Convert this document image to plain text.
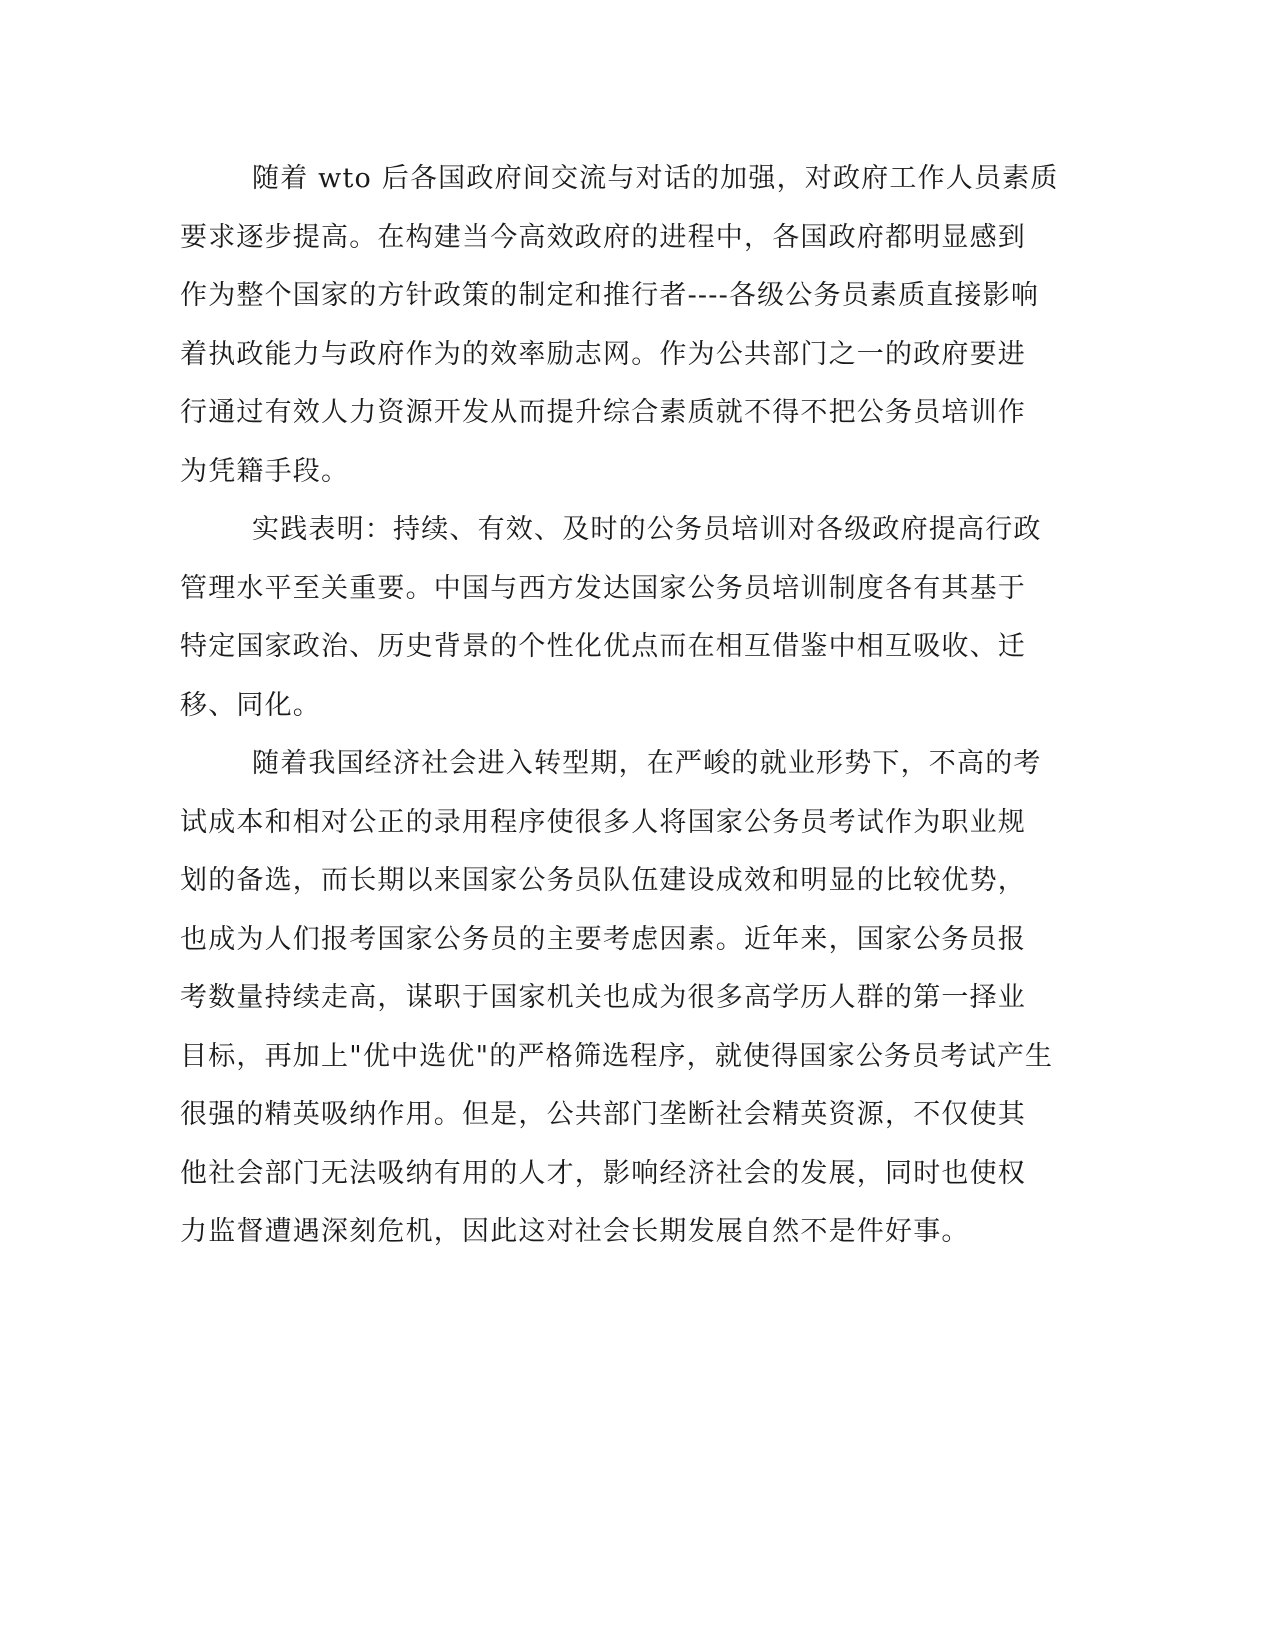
随着 wto 后各国政府间交流与对话的加强，对政府工作人员素质
要求逐步提高。在构建当今高效政府的进程中，各国政府都明显感到
作为整个国家的方针政策的制定和推行者----各级公务员素质直接影响
着执政能力与政府作为的效率励志网。作为公共部门之一的政府要进
行通过有效人力资源开发从而提升综合素质就不得不把公务员培训作
为凭籍手段。
实践表明：持续、有效、及时的公务员培训对各级政府提高行政
管理水平至关重要。中国与西方发达国家公务员培训制度各有其基于
特定国家政治、历史背景的个性化优点而在相互借鉴中相互吸收、迁
移、同化。
随着我国经济社会进入转型期，在严峻的就业形势下，不高的考
试成本和相对公正的录用程序使很多人将国家公务员考试作为职业规
划的备选，而长期以来国家公务员队伍建设成效和明显的比较优势，
也成为人们报考国家公务员的主要考虑因素。近年来，国家公务员报
考数量持续走高，谋职于国家机关也成为很多高学历人群的第一择业
目标，再加上"优中选优"的严格筛选程序，就使得国家公务员考试产生
很强的精英吸纳作用。但是，公共部门垄断社会精英资源，不仅使其
他社会部门无法吸纳有用的人才，影响经济社会的发展，同时也使权
力监督遭遇深刻危机，因此这对社会长期发展自然不是件好事。
